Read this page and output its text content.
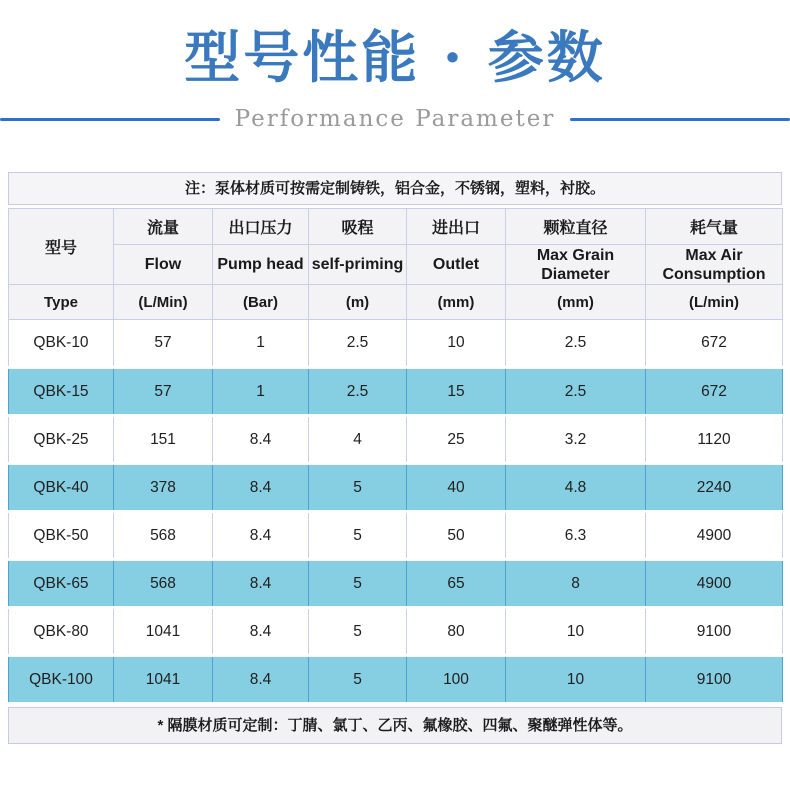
型号性能 · 参数
Performance Parameter
注：泵体材质可按需定制铸铁，铝合金，不锈钢，塑料，衬胶。
型号	流量	出口压力	吸程	进出口	颗粒直径	耗气量
	Flow	Pump head	self-priming	Outlet	Max Grain Diameter	Max Air Consumption
Type	(L/Min)	(Bar)	(m)	(mm)	(mm)	(L/min)
QBK-10	57	1	2.5	10	2.5	672
QBK-15	57	1	2.5	15	2.5	672
QBK-25	151	8.4	4	25	3.2	1120
QBK-40	378	8.4	5	40	4.8	2240
QBK-50	568	8.4	5	50	6.3	4900
QBK-65	568	8.4	5	65	8	4900
QBK-80	1041	8.4	5	80	10	9100
QBK-100	1041	8.4	5	100	10	9100
* 隔膜材质可定制：丁腈、氯丁、乙丙、氟橡胶、四氟、聚醚弹性体等。
